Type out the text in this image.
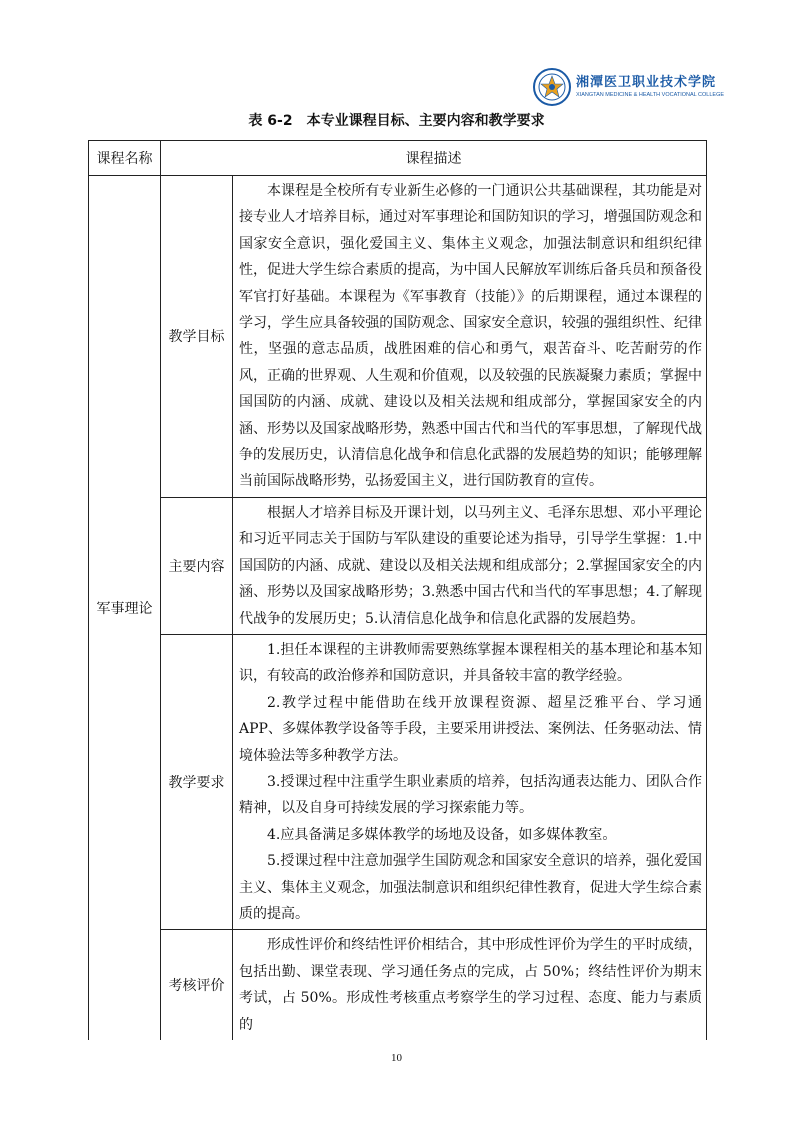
湘潭医卫职业技术学院
XIANGTAN MEDICINE & HEALTH VOCATIONAL COLLEGE
表 6-2　本专业课程目标、主要内容和教学要求
课程名称	课程描述	
军事理论	教学目标	本课程是全校所有专业新生必修的一门通识公共基础课程，其功能是对接专业人才培养目标，通过对军事理论和国防知识的学习，增强国防观念和国家安全意识，强化爱国主义、集体主义观念，加强法制意识和组织纪律性，促进大学生综合素质的提高，为中国人民解放军训练后备兵员和预备役军官打好基础。本课程为《军事教育（技能）》的后期课程，通过本课程的学习，学生应具备较强的国防观念、国家安全意识，较强的强组织性、纪律性，坚强的意志品质，战胜困难的信心和勇气，艰苦奋斗、吃苦耐劳的作风，正确的世界观、人生观和价值观，以及较强的民族凝聚力素质；掌握中国国防的内涵、成就、建设以及相关法规和组成部分，掌握国家安全的内涵、形势以及国家战略形势，熟悉中国古代和当代的军事思想，了解现代战争的发展历史，认清信息化战争和信息化武器的发展趋势的知识；能够理解当前国际战略形势，弘扬爱国主义，进行国防教育的宣传。

	主要内容	根据人才培养目标及开课计划，以马列主义、毛泽东思想、邓小平理论和习近平同志关于国防与军队建设的重要论述为指导，引导学生掌握：1.中国国防的内涵、成就、建设以及相关法规和组成部分；2.掌握国家安全的内涵、形势以及国家战略形势；3.熟悉中国古代和当代的军事思想；4.了解现代战争的发展历史；5.认清信息化战争和信息化武器的发展趋势。

	教学要求	1.担任本课程的主讲教师需要熟练掌握本课程相关的基本理论和基本知识，有较高的政治修养和国防意识，并具备较丰富的教学经验。

2.教学过程中能借助在线开放课程资源、超星泛雅平台、学习通 APP、多媒体教学设备等手段，主要采用讲授法、案例法、任务驱动法、情境体验法等多种教学方法。

3.授课过程中注重学生职业素质的培养，包括沟通表达能力、团队合作精神，以及自身可持续发展的学习探索能力等。

4.应具备满足多媒体教学的场地及设备，如多媒体教室。

5.授课过程中注意加强学生国防观念和国家安全意识的培养，强化爱国主义、集体主义观念，加强法制意识和组织纪律性教育，促进大学生综合素质的提高。

	考核评价	形成性评价和终结性评价相结合，其中形成性评价为学生的平时成绩，包括出勤、课堂表现、学习通任务点的完成，占 50%；终结性评价为期末考试，占 50%。形成性考核重点考察学生的学习过程、态度、能力与素质的

10
